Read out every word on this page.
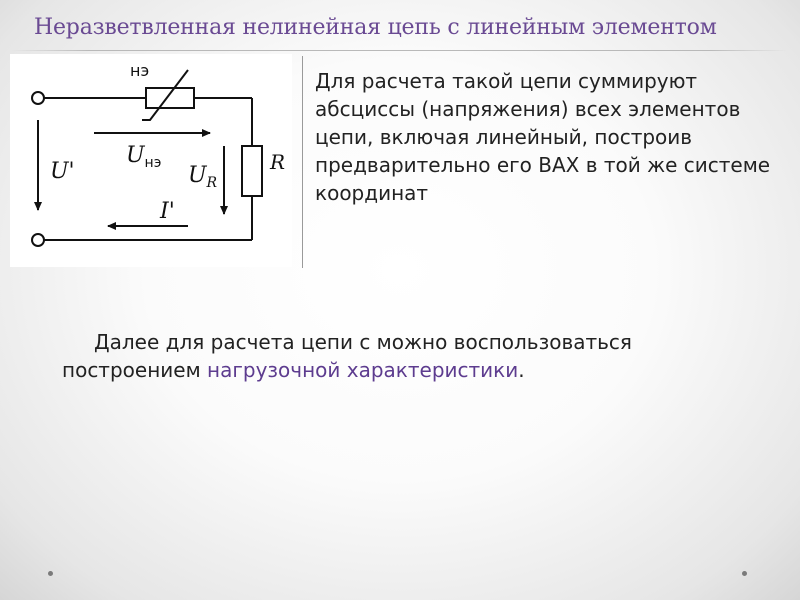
Неразветвленная нелинейная цепь с линейным элементом
нэ
R
U'
$U_{нэ}$ $U_R$
I'
Для расчета такой цепи суммируют абсциссы (напряжения) всех элементов цепи, включая линейный, построив предварительно его ВАХ в той же системе координат
Далее для расчета цепи с можно воспользоваться построением нагрузочной характеристики.
